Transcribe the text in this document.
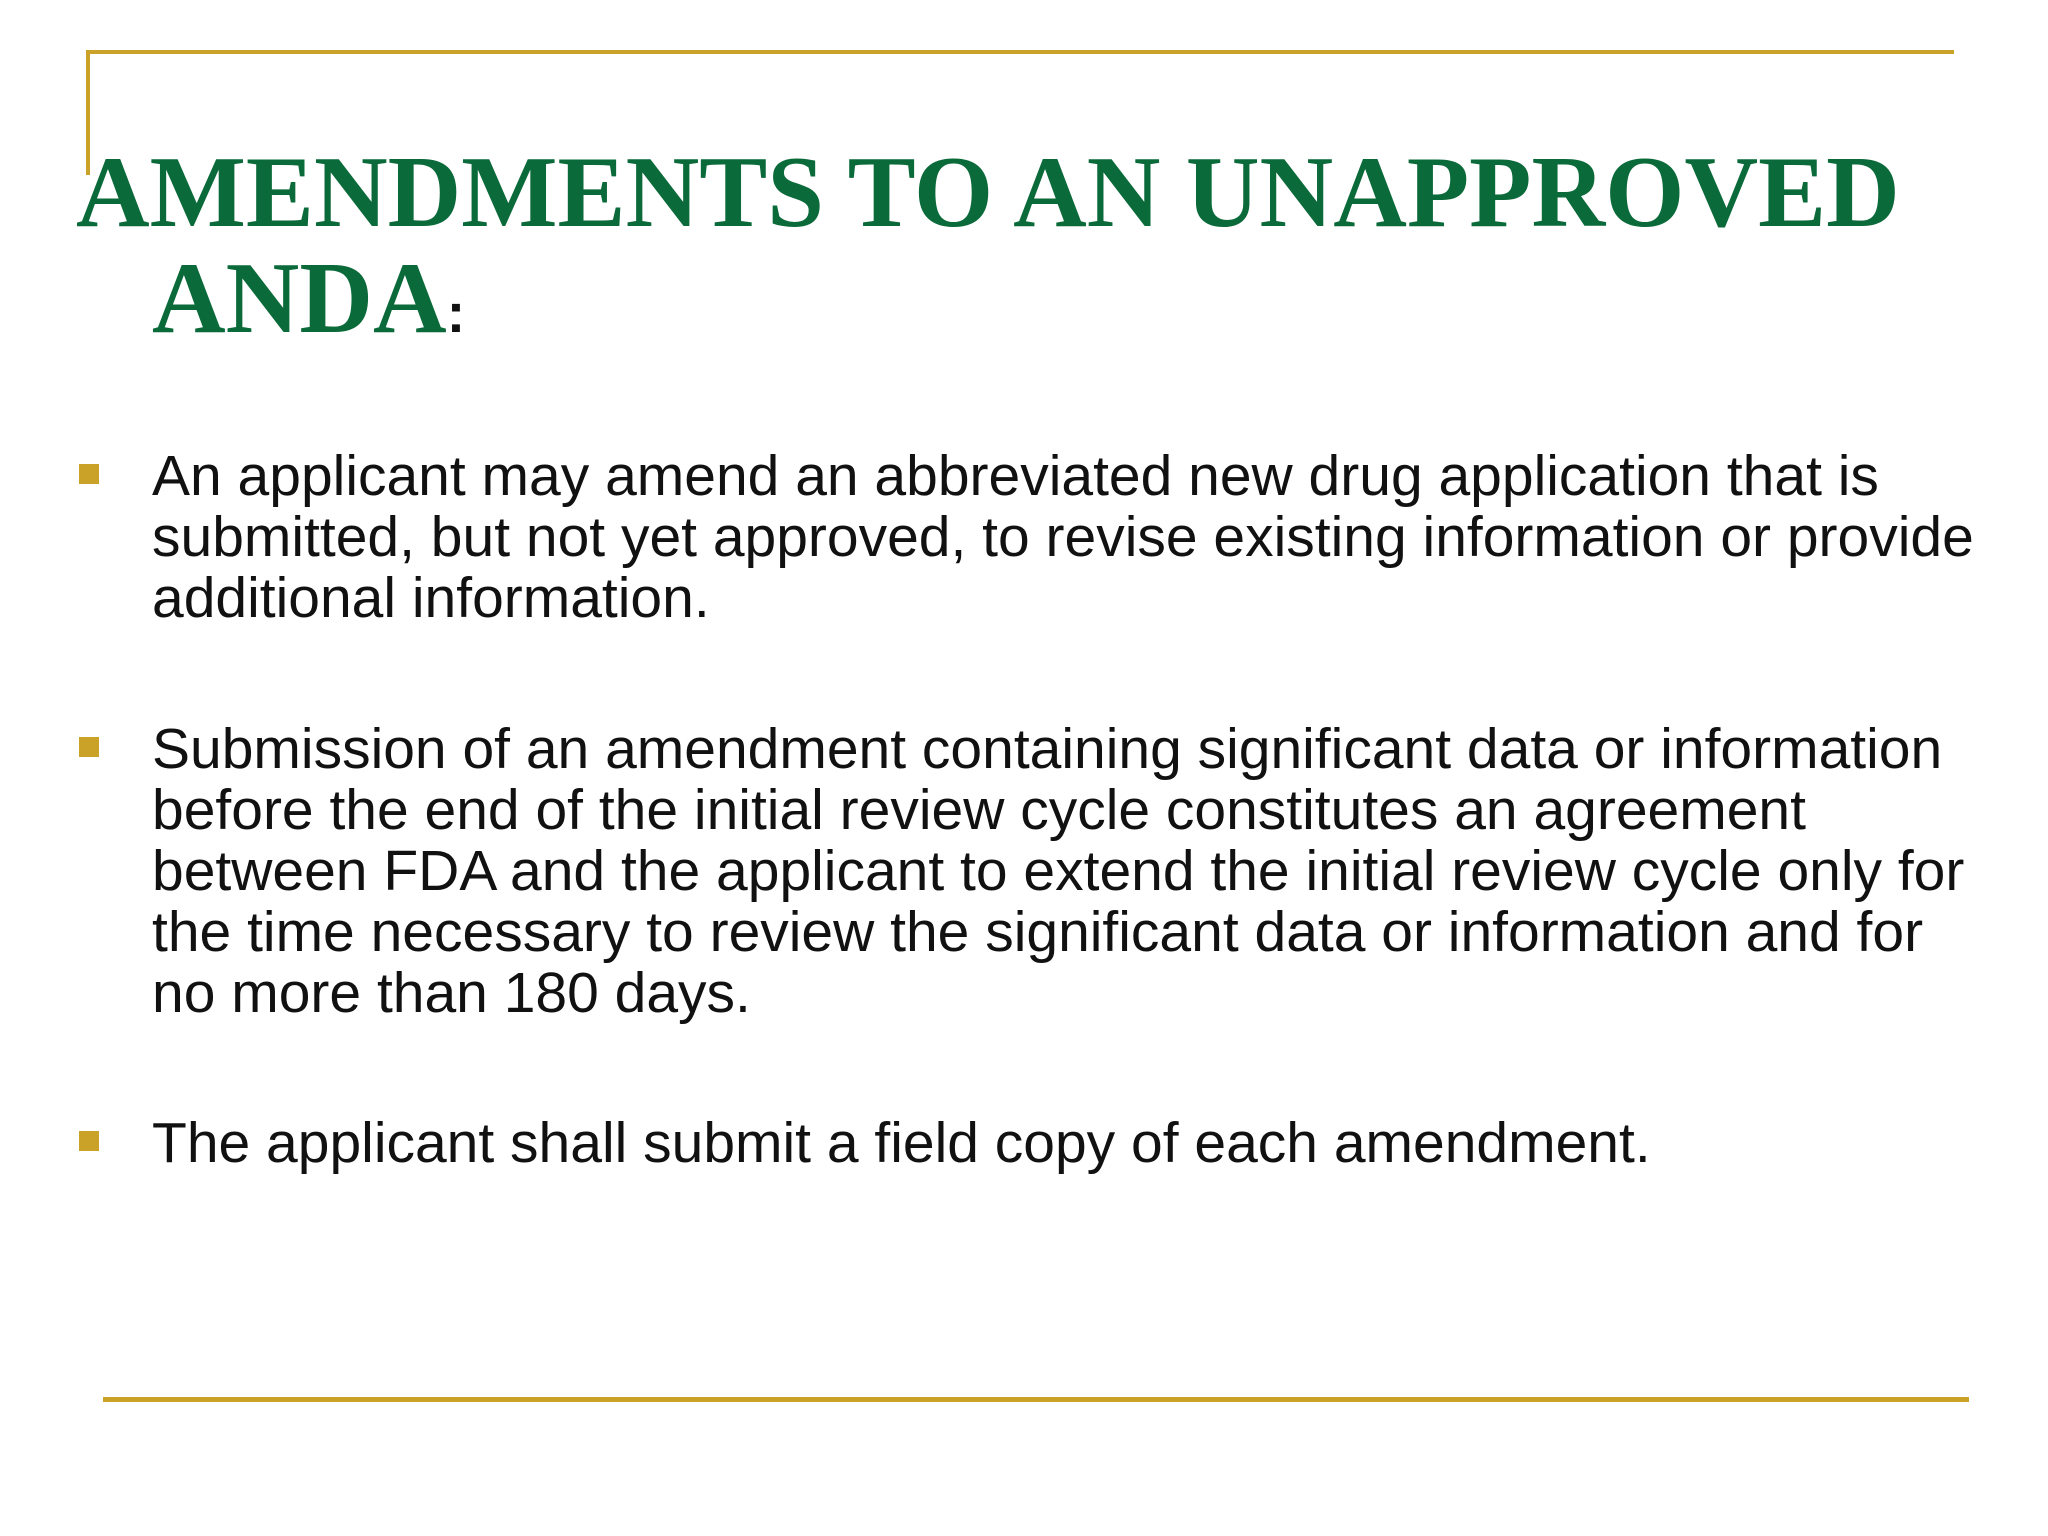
AMENDMENTS TO AN UNAPPROVED
ANDA:
An applicant may amend an abbreviated new drug application that is submitted, but not yet approved, to revise existing information or provide additional information.
Submission of an amendment containing significant data or information before the end of the initial review cycle constitutes an agreement between FDA and the applicant to extend the initial review cycle only for the time necessary to review the significant data or information and for no more than 180 days.
The applicant shall submit a field copy of each amendment.
